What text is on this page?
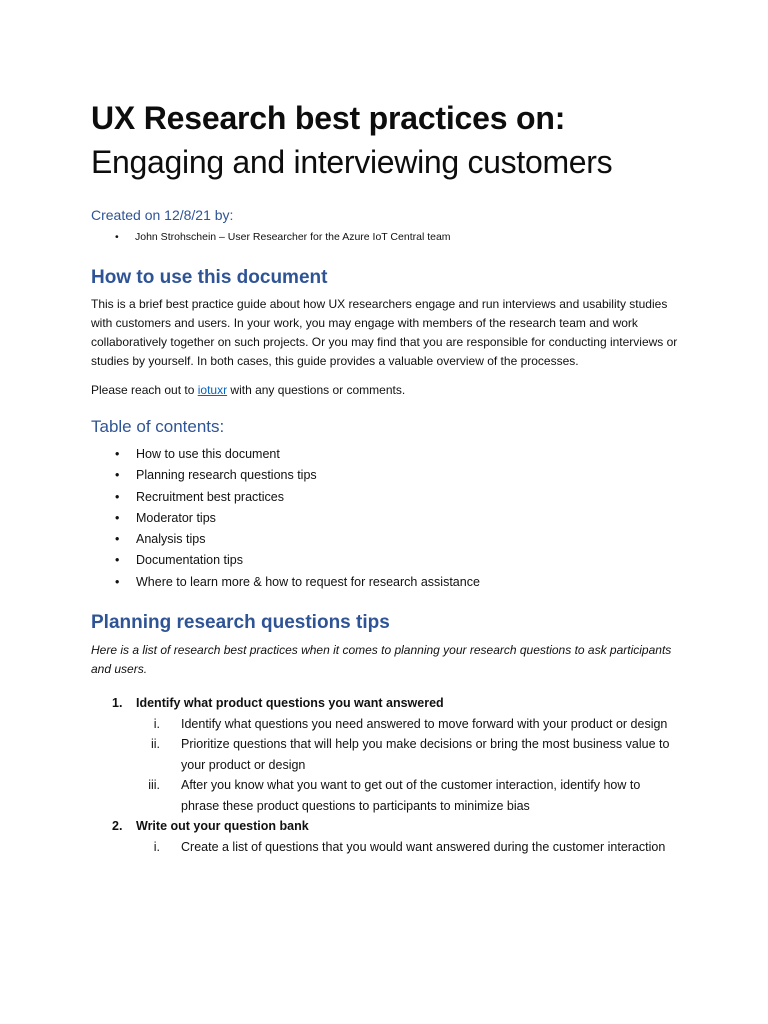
UX Research best practices on:
Engaging and interviewing customers
Created on 12/8/21 by:
• John Strohschein – User Researcher for the Azure IoT Central team
How to use this document

This is a brief best practice guide about how UX researchers engage and run interviews and usability studies with customers and users. In your work, you may engage with members of the research team and work collaboratively together on such projects. Or you may find that you are responsible for conducting interviews or studies by yourself. In both cases, this guide provides a valuable overview of the processes.

Please reach out to iotuxr with any questions or comments.

Table of contents:
• How to use this document
• Planning research questions tips
• Recruitment best practices
• Moderator tips
• Analysis tips
• Documentation tips
• Where to learn more & how to request for research assistance
Planning research questions tips

Here is a list of research best practices when it comes to planning your research questions to ask participants and users.

1. Identify what product questions you want answered
i. Identify what questions you need answered to move forward with your product or design
ii. Prioritize questions that will help you make decisions or bring the most business value to your product or design
iii. After you know what you want to get out of the customer interaction, identify how to phrase these product questions to participants to minimize bias
2. Write out your question bank
i. Create a list of questions that you would want answered during the customer interaction
